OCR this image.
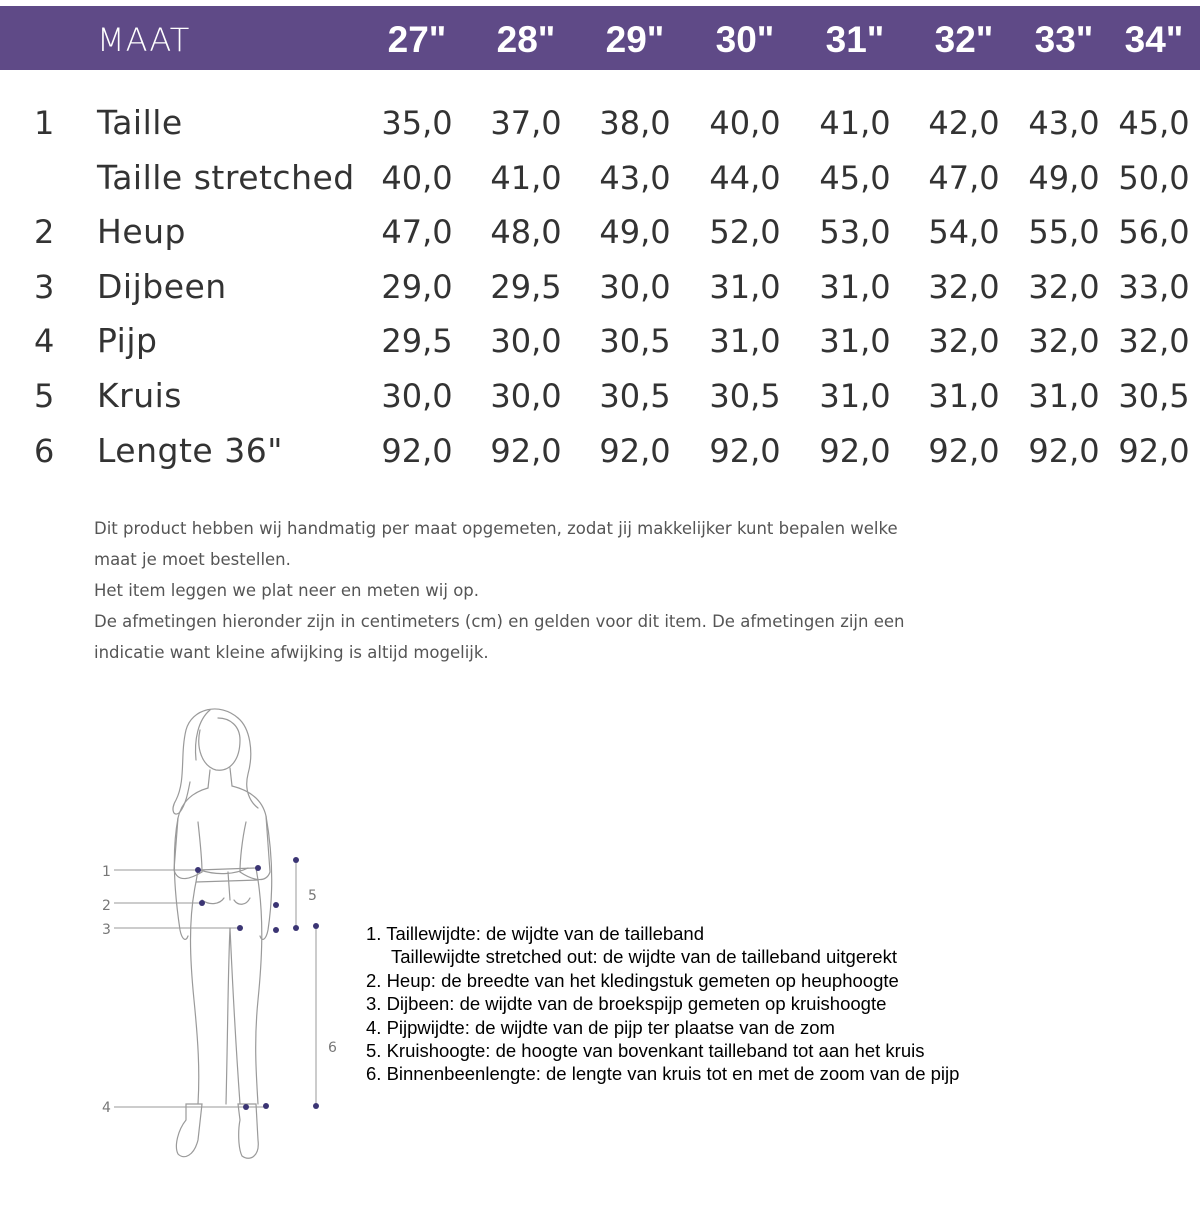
MAAT	27"	28"	29"	30"	31"	32"	33" 34"
1 Taille	35,0	37,0	38,0	40,0	41,0	42,0 43,0 45,0
Taille stretched 40,0	41,0	43,0	44,0	45,0	47,0 49,0 50,0
2 Heup	47,0	48,0	49,0	52,0	53,0	54,0 55,0 56,0
3 Dijbeen	29,0	29,5	30,0	31,0	31,0	32,0 32,0 33,0
4 Pijp	29,5	30,0	30,5	31,0	31,0	32,0 32,0 32,0
5 Kruis	30,0	30,0	30,5	30,5	31,0	31,0 31,0 30,5
6 Lengte 36"	92,0	92,0	92,0	92,0	92,0	92,0 92,0 92,0
Dit product hebben wij handmatig per maat opgemeten, zodat jij makkelijker kunt bepalen welke
maat je moet bestellen.
Het item leggen we plat neer en meten wij op.
De afmetingen hieronder zijn in centimeters (cm) en gelden voor dit item. De afmetingen zijn een
indicatie want kleine afwijking is altijd mogelijk.
1
2
3
4
5
6
1. Taillewijdte: de wijdte van de tailleband
Taillewijdte stretched out: de wijdte van de tailleband uitgerekt
2. Heup: de breedte van het kledingstuk gemeten op heuphoogte
3. Dijbeen: de wijdte van de broekspijp gemeten op kruishoogte
4. Pijpwijdte: de wijdte van de pijp ter plaatse van de zom
5. Kruishoogte: de hoogte van bovenkant tailleband tot aan het kruis
6. Binnenbeenlengte: de lengte van kruis tot en met de zoom van de pijp
